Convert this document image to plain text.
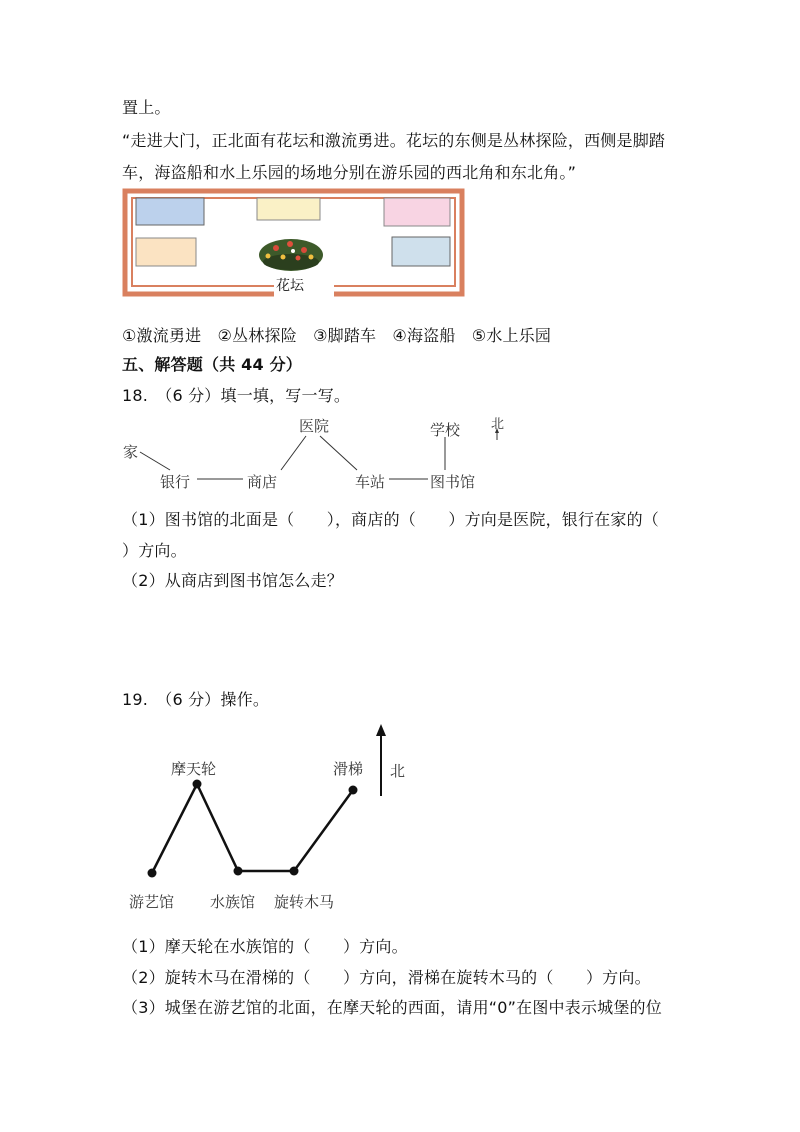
置上。
“走进大门，正北面有花坛和激流勇进。花坛的东侧是丛林探险，西侧是脚踏
车，海盗船和水上乐园的场地分别在游乐园的西北角和东北角。”
花坛
①激流勇进　②丛林探险　③脚踏车　④海盗船　⑤水上乐园
五、解答题（共 44 分）
18.　（6 分）填一填，写一写。
家
银行	商店
医院
车站
学校
图书馆
北
（1）图书馆的北面是（　　），商店的（　　）方向是医院，银行在家的（
）方向。
（2）从商店到图书馆怎么走？
19.　（6 分）操作。
摩天轮	滑梯 北
游艺馆 水族馆 旋转木马
（1）摩天轮在水族馆的（　　）方向。
（2）旋转木马在滑梯的（　　）方向，滑梯在旋转木马的（　　）方向。
（3）城堡在游艺馆的北面，在摩天轮的西面，请用“0”在图中表示城堡的位
